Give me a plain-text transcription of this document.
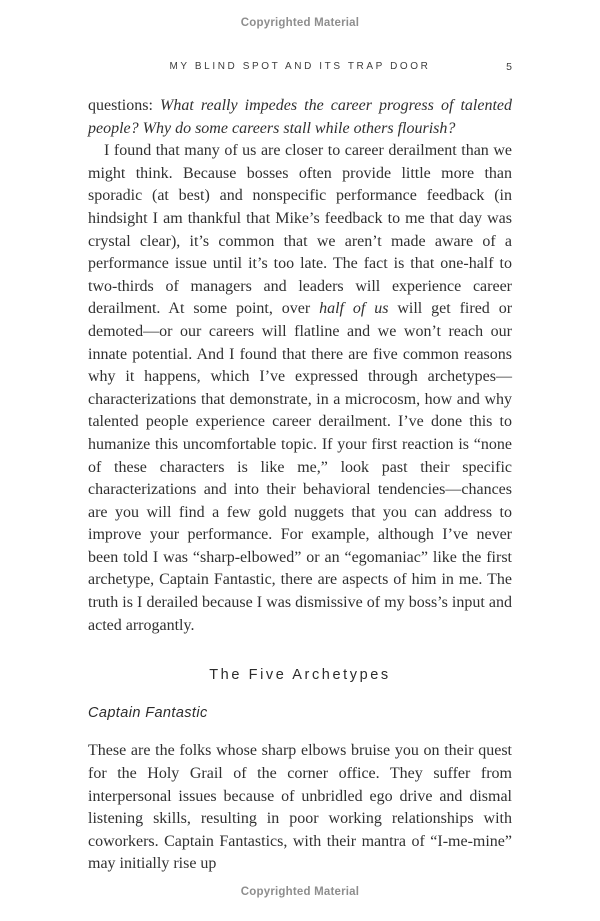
Copyrighted Material
MY BLIND SPOT AND ITS TRAP DOOR	5

questions: What really impedes the career progress of talented people? Why do some careers stall while others flourish?

I found that many of us are closer to career derailment than we might think. Because bosses often provide little more than sporadic (at best) and nonspecific performance feedback (in hindsight I am thankful that Mike’s feedback to me that day was crystal clear), it’s common that we aren’t made aware of a performance issue until it’s too late. The fact is that one-half to two-thirds of managers and leaders will experience career derailment. At some point, over half of us will get fired or demoted—or our careers will flatline and we won’t reach our innate potential. And I found that there are five common reasons why it happens, which I’ve expressed through archetypes—characterizations that demonstrate, in a microcosm, how and why talented people experience career derailment. I’ve done this to humanize this uncomfortable topic. If your first reaction is “none of these characters is like me,” look past their specific characterizations and into their behavioral tendencies—chances are you will find a few gold nuggets that you can address to improve your performance. For example, although I’ve never been told I was “sharp-elbowed” or an “egomaniac” like the first archetype, Captain Fantastic, there are aspects of him in me. The truth is I derailed because I was dismissive of my boss’s input and acted arrogantly.

The Five Archetypes
Captain Fantastic

These are the folks whose sharp elbows bruise you on their quest for the Holy Grail of the corner office. They suffer from interpersonal issues because of unbridled ego drive and dismal listening skills, resulting in poor working relationships with coworkers. Captain Fantastics, with their mantra of “I-me-mine” may initially rise up

Copyrighted Material
